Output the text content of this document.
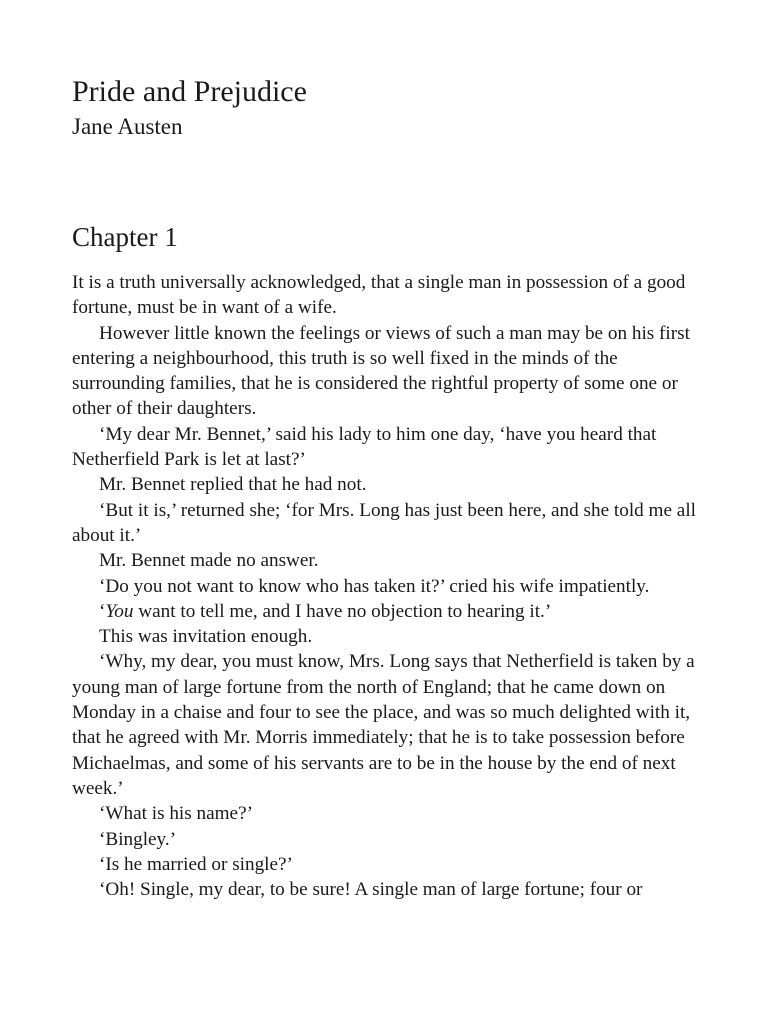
Pride and Prejudice
Jane Austen
Chapter 1

It is a truth universally acknowledged, that a single man in possession of a good fortune, must be in want of a wife.

However little known the feelings or views of such a man may be on his first entering a neighbourhood, this truth is so well fixed in the minds of the surrounding families, that he is considered the rightful property of some one or other of their daughters.

‘My dear Mr. Bennet,’ said his lady to him one day, ‘have you heard that Netherfield Park is let at last?’

Mr. Bennet replied that he had not.

‘But it is,’ returned she; ‘for Mrs. Long has just been here, and she told me all about it.’

Mr. Bennet made no answer.

‘Do you not want to know who has taken it?’ cried his wife impatiently.

‘You want to tell me, and I have no objection to hearing it.’

This was invitation enough.

‘Why, my dear, you must know, Mrs. Long says that Netherfield is taken by a young man of large fortune from the north of England; that he came down on Monday in a chaise and four to see the place, and was so much delighted with it, that he agreed with Mr. Morris immediately; that he is to take possession before Michaelmas, and some of his servants are to be in the house by the end of next week.’

‘What is his name?’

‘Bingley.’

‘Is he married or single?’

‘Oh! Single, my dear, to be sure! A single man of large fortune; four or
